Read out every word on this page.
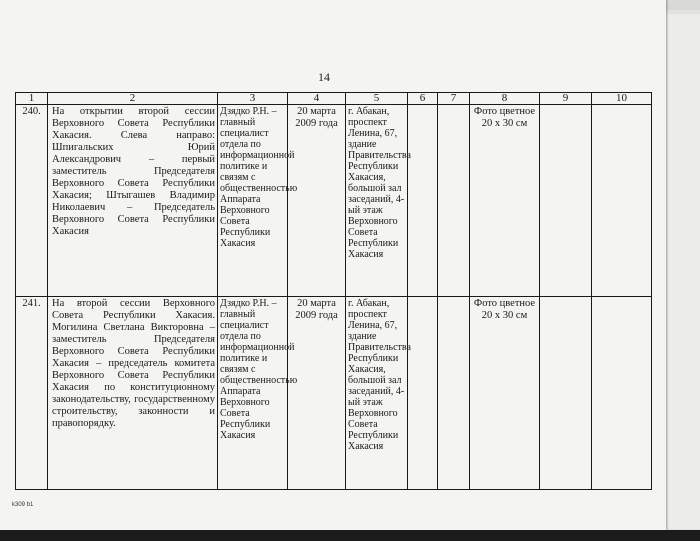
14
1	2	3	4	5	6	7	8	9	10
240.	На открытии второй сессии Верховного Совета Республики Хакасия. Слева направо: Шпигальских Юрий Александрович – первый заместитель Председателя Верховного Совета Республики Хакасия; Штыгашев Владимир Николаевич – Председатель Верховного Совета Республики Хакасия	Дзядко Р.Н. – главный специалист отдела по информационной политике и связям с общественностью Аппарата Верховного Совета Республики Хакасия	20 марта 2009 года	г. Абакан, проспект Ленина, 67, здание Правительства Республики Хакасия, большой зал заседаний, 4-ый этаж Верховного Совета Республики Хакасия			Фото цветное 20 х 30 см		
241.	На второй сессии Верховного Совета Республики Хакасия. Могилина Светлана Викторовна – заместитель Председателя Верховного Совета Республики Хакасия – председатель комитета Верховного Совета Республики Хакасия по конституционному законодательству, государственному строительству, законности и правопорядку.	Дзядко Р.Н. – главный специалист отдела по информационной политике и связям с общественностью Аппарата Верховного Совета Республики Хакасия	20 марта 2009 года	г. Абакан, проспект Ленина, 67, здание Правительства Республики Хакасия, большой зал заседаний, 4-ый этаж Верховного Совета Республики Хакасия			Фото цветное 20 х 30 см		
k309 b1
